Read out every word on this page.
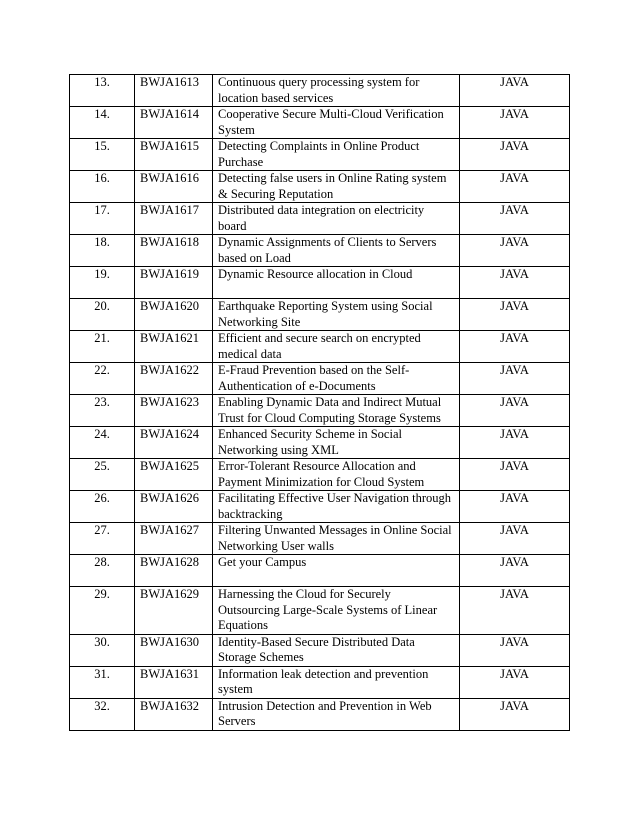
13.	BWJA1613	Continuous query processing system for location based services	JAVA
14.	BWJA1614	Cooperative Secure Multi-Cloud Verification System	JAVA
15.	BWJA1615	Detecting Complaints in Online Product Purchase	JAVA
16.	BWJA1616	Detecting false users in Online Rating system & Securing Reputation	JAVA
17.	BWJA1617	Distributed data integration on electricity board	JAVA
18.	BWJA1618	Dynamic Assignments of Clients to Servers based on Load	JAVA
19.	BWJA1619	Dynamic Resource allocation in Cloud	JAVA
20.	BWJA1620	Earthquake Reporting System using Social Networking Site	JAVA
21.	BWJA1621	Efficient and secure search on encrypted medical data	JAVA
22.	BWJA1622	E-Fraud Prevention based on the Self-Authentication of e-Documents	JAVA
23.	BWJA1623	Enabling Dynamic Data and Indirect Mutual Trust for Cloud Computing Storage Systems	JAVA
24.	BWJA1624	Enhanced Security Scheme in Social Networking using XML	JAVA
25.	BWJA1625	Error-Tolerant Resource Allocation and Payment Minimization for Cloud System	JAVA
26.	BWJA1626	Facilitating Effective User Navigation through backtracking	JAVA
27.	BWJA1627	Filtering Unwanted Messages in Online Social Networking User walls	JAVA
28.	BWJA1628	Get your Campus	JAVA
29.	BWJA1629	Harnessing the Cloud for Securely Outsourcing Large-Scale Systems of Linear Equations	JAVA
30.	BWJA1630	Identity-Based Secure Distributed Data Storage Schemes	JAVA
31.	BWJA1631	Information leak detection and prevention system	JAVA
32.	BWJA1632	Intrusion Detection and Prevention in Web Servers	JAVA
